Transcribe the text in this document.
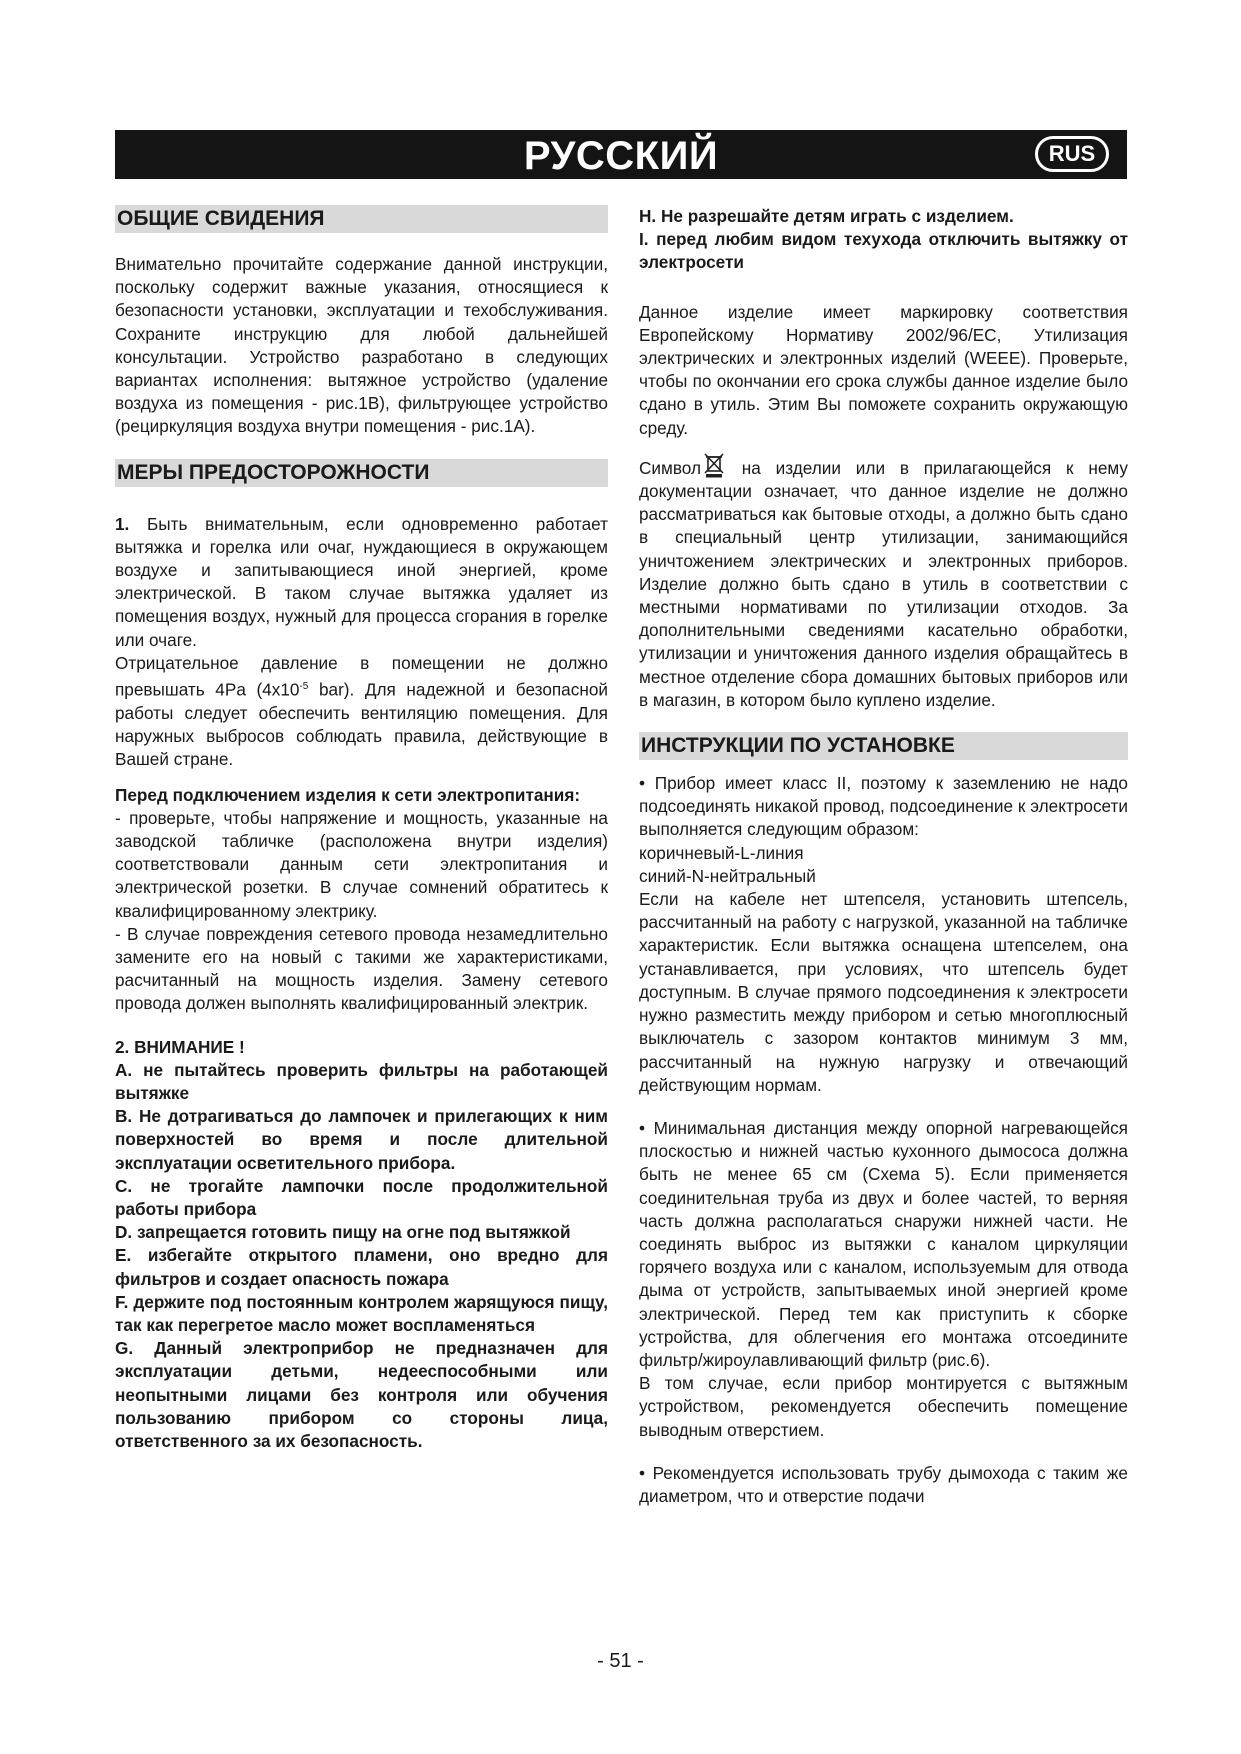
РУССКИЙ	RUS
ОБЩИЕ СВИДЕНИЯ

Внимательно прочитайте содержание данной инструкции, поскольку содержит важные указания, относящиеся к безопасности установки, эксплуатации и техобслуживания. Сохраните инструкцию для любой дальнейшей консультации. Устройство разработано в следующих вариантах исполнения: вытяжное устройство (удаление воздуха из помещения - рис.1B), фильтрующее устройство (рециркуляция воздуха внутри помещения - рис.1A).

МЕРЫ ПРЕДОСТОРОЖНОСТИ

1. Быть внимательным, если одновременно работает вытяжка и горелка или очаг, нуждающиеся в окружающем воздухе и запитывающиеся иной энергией, кроме электрической. В таком случае вытяжка удаляет из помещения воздух, нужный для процесса сгорания в горелке или очаге.

Отрицательное давление в помещении не должно превышать 4Pa ($4x10^{-5}$ bar). Для надежной и безопасной работы следует обеспечить вентиляцию помещения. Для наружных выбросов соблюдать правила, действующие в Вашей стране.

Перед подключением изделия к сети электропитания:

- проверьте, чтобы напряжение и мощность, указанные на заводской табличке (расположена внутри изделия) соответствовали данным сети электропитания и электрической розетки. В случае сомнений обратитесь к квалифицированному электрику.

- В случае повреждения сетевого провода незамедлительно замените его на новый с такими же характеристиками, расчитанный на мощность изделия. Замену сетевого провода должен выполнять квалифицированный электрик.

2. ВНИМАНИЕ !

A. не пытайтесь проверить фильтры на работающей вытяжке

B. Не дотрагиваться до лампочек и прилегающих к ним поверхностей во время и после длительной эксплуатации осветительного прибора.

C. не трогайте лампочки после продолжительной работы прибора

D. запрещается готовить пищу на огне под вытяжкой

E. избегайте открытого пламени, оно вредно для фильтров и создает опасность пожара

F. держите под постоянным контролем жарящуюся пищу, так как перегретое масло может воспламеняться

G. Данный электроприбор не предназначен для эксплуатации детьми, недееспособными или неопытными лицами без контроля или обучения пользованию прибором со стороны лица, ответственного за их безопасность.

H. Не разрешайте детям играть с изделием.

I. перед любим видом техухода отключить вытяжку от электросети

Данное изделие имеет маркировку соответствия Европейскому Нормативу 2002/96/EC, Утилизация электрических и электронных изделий (WEEE). Проверьте, чтобы по окончании его срока службы данное изделие было сдано в утиль. Этим Вы поможете сохранить окружающую среду.

Символ на изделии или в прилагающейся к нему документации означает, что данное изделие не должно рассматриваться как бытовые отходы, а должно быть сдано в специальный центр утилизации, занимающийся уничтожением электрических и электронных приборов. Изделие должно быть сдано в утиль в соответствии с местными нормативами по утилизации отходов. За дополнительными сведениями касательно обработки, утилизации и уничтожения данного изделия обращайтесь в местное отделение сбора домашних бытовых приборов или в магазин, в котором было куплено изделие.

ИНСТРУКЦИИ ПО УСТАНОВКЕ

• Прибор имеет класс II, поэтому к заземлению не надо подсоединять никакой провод, подсоединение к электросети выполняется следующим образом:

коричневый-L-линия

синий-N-нейтральный

Если на кабеле нет штепселя, установить штепсель, рассчитанный на работу с нагрузкой, указанной на табличке характеристик. Если вытяжка оснащена штепселем, она устанавливается, при условиях, что штепсель будет доступным. В случае прямого подсоединения к электросети нужно разместить между прибором и сетью многоплюсный выключатель с зазором контактов минимум 3 мм, рассчитанный на нужную нагрузку и отвечающий действующим нормам.

• Минимальная дистанция между опорной нагревающейся плоскостью и нижней частью кухонного дымососа должна быть не менее 65 см (Схема 5). Если применяется соединительная труба из двух и более частей, то верняя часть должна располагаться снаружи нижней части. Не соединять выброс из вытяжки с каналом циркуляции горячего воздуха или с каналом, используемым для отвода дыма от устройств, запытываемых иной энергией кроме электрической. Перед тем как приступить к сборке устройства, для облегчения его монтажа отсоедините фильтр/жироулавливающий фильтр (рис.6).

В том случае, если прибор монтируется с вытяжным устройством, рекомендуется обеспечить помещение выводным отверстием.

• Рекомендуется использовать трубу дымохода с таким же диаметром, что и отверстие подачи

- 51 -
